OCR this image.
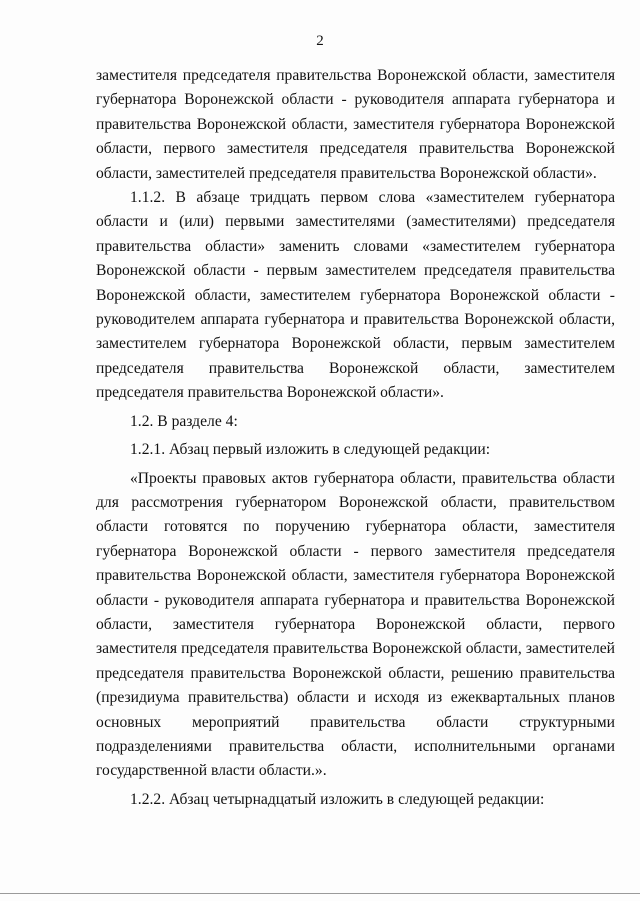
2

заместителя председателя правительства Воронежской области, заместителя губернатора Воронежской области - руководителя аппарата губернатора и правительства Воронежской области, заместителя губернатора Воронежской области, первого заместителя председателя правительства Воронежской области, заместителей председателя правительства Воронежской области».

1.1.2. В абзаце тридцать первом слова «заместителем губернатора области и (или) первыми заместителями (заместителями) председателя правительства области» заменить словами «заместителем губернатора Воронежской области - первым заместителем председателя правительства Воронежской области, заместителем губернатора Воронежской области - руководителем аппарата губернатора и правительства Воронежской области, заместителем губернатора Воронежской области, первым заместителем председателя правительства Воронежской области, заместителем председателя правительства Воронежской области».

1.2. В разделе 4:

1.2.1. Абзац первый изложить в следующей редакции:

«Проекты правовых актов губернатора области, правительства области для рассмотрения губернатором Воронежской области, правительством области готовятся по поручению губернатора области, заместителя губернатора Воронежской области - первого заместителя председателя правительства Воронежской области, заместителя губернатора Воронежской области - руководителя аппарата губернатора и правительства Воронежской области, заместителя губернатора Воронежской области, первого заместителя председателя правительства Воронежской области, заместителей председателя правительства Воронежской области, решению правительства (президиума правительства) области и исходя из ежеквартальных планов основных мероприятий правительства области структурными подразделениями правительства области, исполнительными органами государственной власти области.».

1.2.2. Абзац четырнадцатый изложить в следующей редакции:
